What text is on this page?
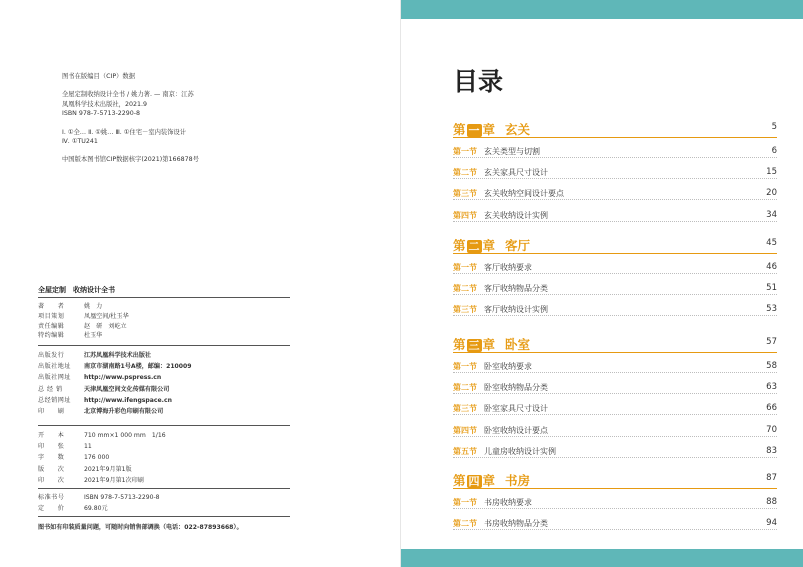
图书在版编目（CIP）数据
全屋定制收纳设计全书 / 姚力著. — 南京：江苏
凤凰科学技术出版社，2021.9
ISBN 978-7-5713-2290-8
Ⅰ. ①全… Ⅱ. ①姚… Ⅲ. ①住宅－室内装饰设计
Ⅳ. ①TU241
中国版本图书馆CIP数据核字(2021)第166878号
全屋定制　收纳设计全书
著　　者	姚　力
项目策划	凤凰空间/杜玉华
责任编辑	赵　研　刘屹立
特约编辑	杜玉华
出版发行	江苏凤凰科学技术出版社
出版社地址 南京市湖南路1号A楼，邮编：210009
出版社网址 http://www.pspress.cn
总 经 销	天津凤凰空间文化传媒有限公司
总经销网址 http://www.ifengspace.cn
印　　刷	北京博海升彩色印刷有限公司
开　　本	710 mm×1 000 mm　1/16
印　　张	11
字　　数	176 000
版　　次	2021年9月第1版
印　　次	2021年9月第1次印刷
标准书号	ISBN 978-7-5713-2290-8
定　　价	69.80元
图书如有印装质量问题，可随时向销售部调换（电话：022-87893668）。
目录
第 一 章 玄关	5
第一节 玄关类型与切割	6
第二节 玄关家具尺寸设计	15
第三节 玄关收纳空间设计要点	20
第四节 玄关收纳设计实例	34
第 二 章 客厅	45
第一节 客厅收纳要求	46
第二节 客厅收纳物品分类	51
第三节 客厅收纳设计实例	53
第 三 章 卧室	57
第一节 卧室收纳要求	58
第二节 卧室收纳物品分类	63
第三节 卧室家具尺寸设计	66
第四节 卧室收纳设计要点	70
第五节 儿童房收纳设计实例	83
第 四 章 书房	87
第一节 书房收纳要求	88
第二节 书房收纳物品分类	94
